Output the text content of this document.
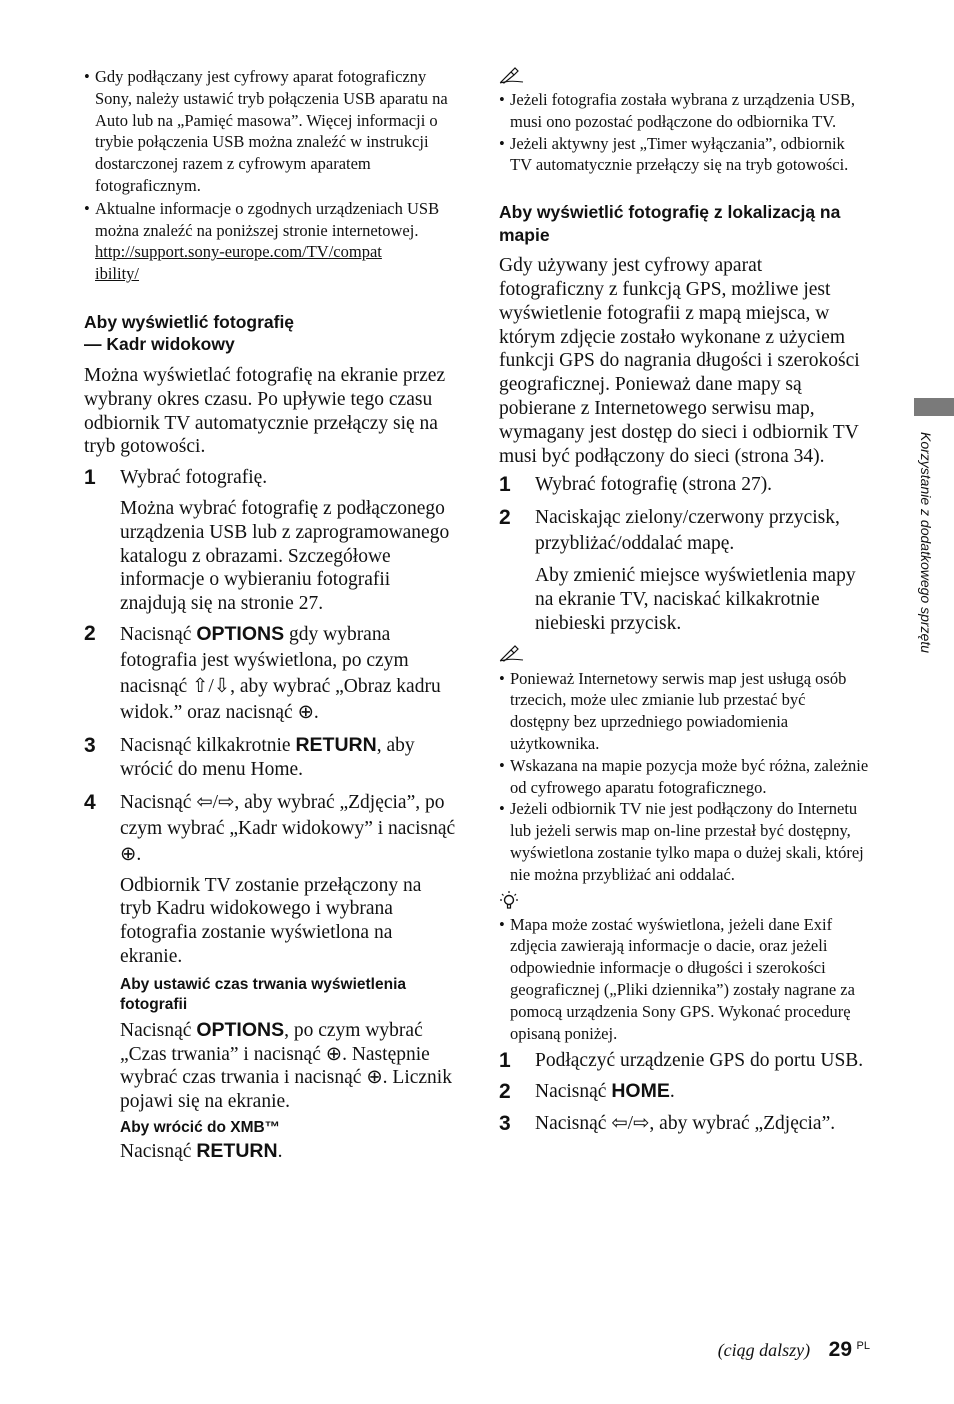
• Gdy podłączany jest cyfrowy aparat fotograficzny Sony, należy ustawić tryb połączenia USB aparatu na Auto lub na „Pamięć masowa”. Więcej informacji o trybie połączenia USB można znaleźć w instrukcji dostarczonej razem z cyfrowym aparatem fotograficznym.

• Aktualne informacje o zgodnych urządzeniach USB można znaleźć na poniższej stronie internetowej.
http://support.sony-europe.com/TV/compatibility/

Aby wyświetlić fotografię

— Kadr widokowy

Można wyświetlać fotografię na ekranie przez wybrany okres czasu. Po upływie tego czasu odbiornik TV automatycznie przełączy się na tryb gotowości.

1 Wybrać fotografię.

Można wybrać fotografię z podłączonego urządzenia USB lub z zaprogramowanego katalogu z obrazami. Szczegółowe informacje o wybieraniu fotografii znajdują się na stronie 27.

2 Nacisnąć OPTIONS gdy wybrana fotografia jest wyświetlona, po czym nacisnąć ⇧/⇩, aby wybrać „Obraz kadru widok.” oraz nacisnąć ⊕.
3 Nacisnąć kilkakrotnie RETURN, aby wrócić do menu Home.
4 Nacisnąć ⇦/⇨, aby wybrać „Zdjęcia”, po czym wybrać „Kadr widokowy” i nacisnąć ⊕.

Odbiornik TV zostanie przełączony na tryb Kadru widokowego i wybrana fotografia zostanie wyświetlona na ekranie.

Aby ustawić czas trwania wyświetlenia fotografii

Nacisnąć OPTIONS, po czym wybrać „Czas trwania” i nacisnąć ⊕. Następnie wybrać czas trwania i nacisnąć ⊕. Licznik pojawi się na ekranie.

Aby wrócić do XMB™

Nacisnąć RETURN.

• Jeżeli fotografia została wybrana z urządzenia USB, musi ono pozostać podłączone do odbiornika TV.

• Jeżeli aktywny jest „Timer wyłączania”, odbiornik TV automatycznie przełączy się na tryb gotowości.

Aby wyświetlić fotografię z lokalizacją na mapie

Gdy używany jest cyfrowy aparat fotograficzny z funkcją GPS, możliwe jest wyświetlenie fotografii z mapą miejsca, w którym zdjęcie zostało wykonane z użyciem funkcji GPS do nagrania długości i szerokości geograficznej. Ponieważ dane mapy są pobierane z Internetowego serwisu map, wymagany jest dostęp do sieci i odbiornik TV musi być podłączony do sieci (strona 34).

1 Wybrać fotografię (strona 27).
2 Naciskając zielony/czerwony przycisk, przybliżać/oddalać mapę.

Aby zmienić miejsce wyświetlenia mapy na ekranie TV, naciskać kilkakrotnie niebieski przycisk.

• Ponieważ Internetowy serwis map jest usługą osób trzecich, może ulec zmianie lub przestać być dostępny bez uprzedniego powiadomienia użytkownika.

• Wskazana na mapie pozycja może być różna, zależnie od cyfrowego aparatu fotograficznego.

• Jeżeli odbiornik TV nie jest podłączony do Internetu lub jeżeli serwis map on-line przestał być dostępny, wyświetlona zostanie tylko mapa o dużej skali, której nie można przybliżać ani oddalać.

• Mapa może zostać wyświetlona, jeżeli dane Exif zdjęcia zawierają informacje o dacie, oraz jeżeli odpowiednie informacje o długości i szerokości geograficznej („Pliki dziennika”) zostały nagrane za pomocą urządzenia Sony GPS. Wykonać procedurę opisaną poniżej.

1 Podłączyć urządzenie GPS do portu USB.
2 Nacisnąć HOME.
3 Nacisnąć ⇦/⇨, aby wybrać „Zdjęcia”.
Korzystanie z dodatkowego sprzętu
(ciąg dalszy) 29 $^{PL}$
